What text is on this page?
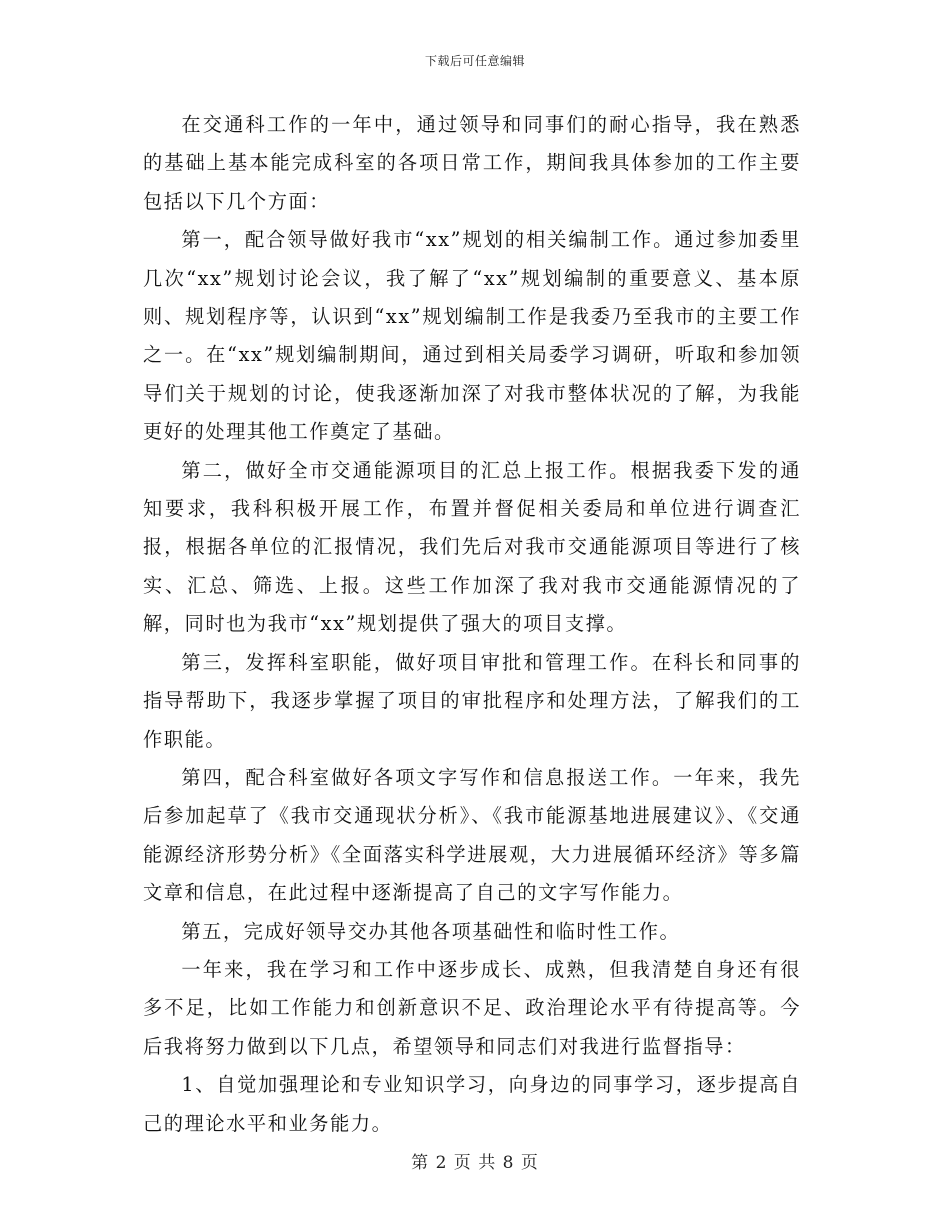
下载后可任意编辑

在交通科工作的一年中，通过领导和同事们的耐心指导，我在熟悉的基础上基本能完成科室的各项日常工作，期间我具体参加的工作主要包括以下几个方面：

第一，配合领导做好我市“xx”规划的相关编制工作。通过参加委里几次“xx”规划讨论会议，我了解了“xx”规划编制的重要意义、基本原则、规划程序等，认识到“xx”规划编制工作是我委乃至我市的主要工作之一。在“xx”规划编制期间，通过到相关局委学习调研，听取和参加领导们关于规划的讨论，使我逐渐加深了对我市整体状况的了解，为我能更好的处理其他工作奠定了基础。

第二，做好全市交通能源项目的汇总上报工作。根据我委下发的通知要求，我科积极开展工作，布置并督促相关委局和单位进行调查汇报，根据各单位的汇报情况，我们先后对我市交通能源项目等进行了核实、汇总、筛选、上报。这些工作加深了我对我市交通能源情况的了解，同时也为我市“xx”规划提供了强大的项目支撑。

第三，发挥科室职能，做好项目审批和管理工作。在科长和同事的指导帮助下，我逐步掌握了项目的审批程序和处理方法，了解我们的工作职能。

第四，配合科室做好各项文字写作和信息报送工作。一年来，我先后参加起草了《我市交通现状分析》、《我市能源基地进展建议》、《交通能源经济形势分析》《全面落实科学进展观，大力进展循环经济》等多篇文章和信息，在此过程中逐渐提高了自己的文字写作能力。

第五，完成好领导交办其他各项基础性和临时性工作。

一年来，我在学习和工作中逐步成长、成熟，但我清楚自身还有很多不足，比如工作能力和创新意识不足、政治理论水平有待提高等。今后我将努力做到以下几点，希望领导和同志们对我进行监督指导：

1、自觉加强理论和专业知识学习，向身边的同事学习，逐步提高自己的理论水平和业务能力。

第 2 页 共 8 页
